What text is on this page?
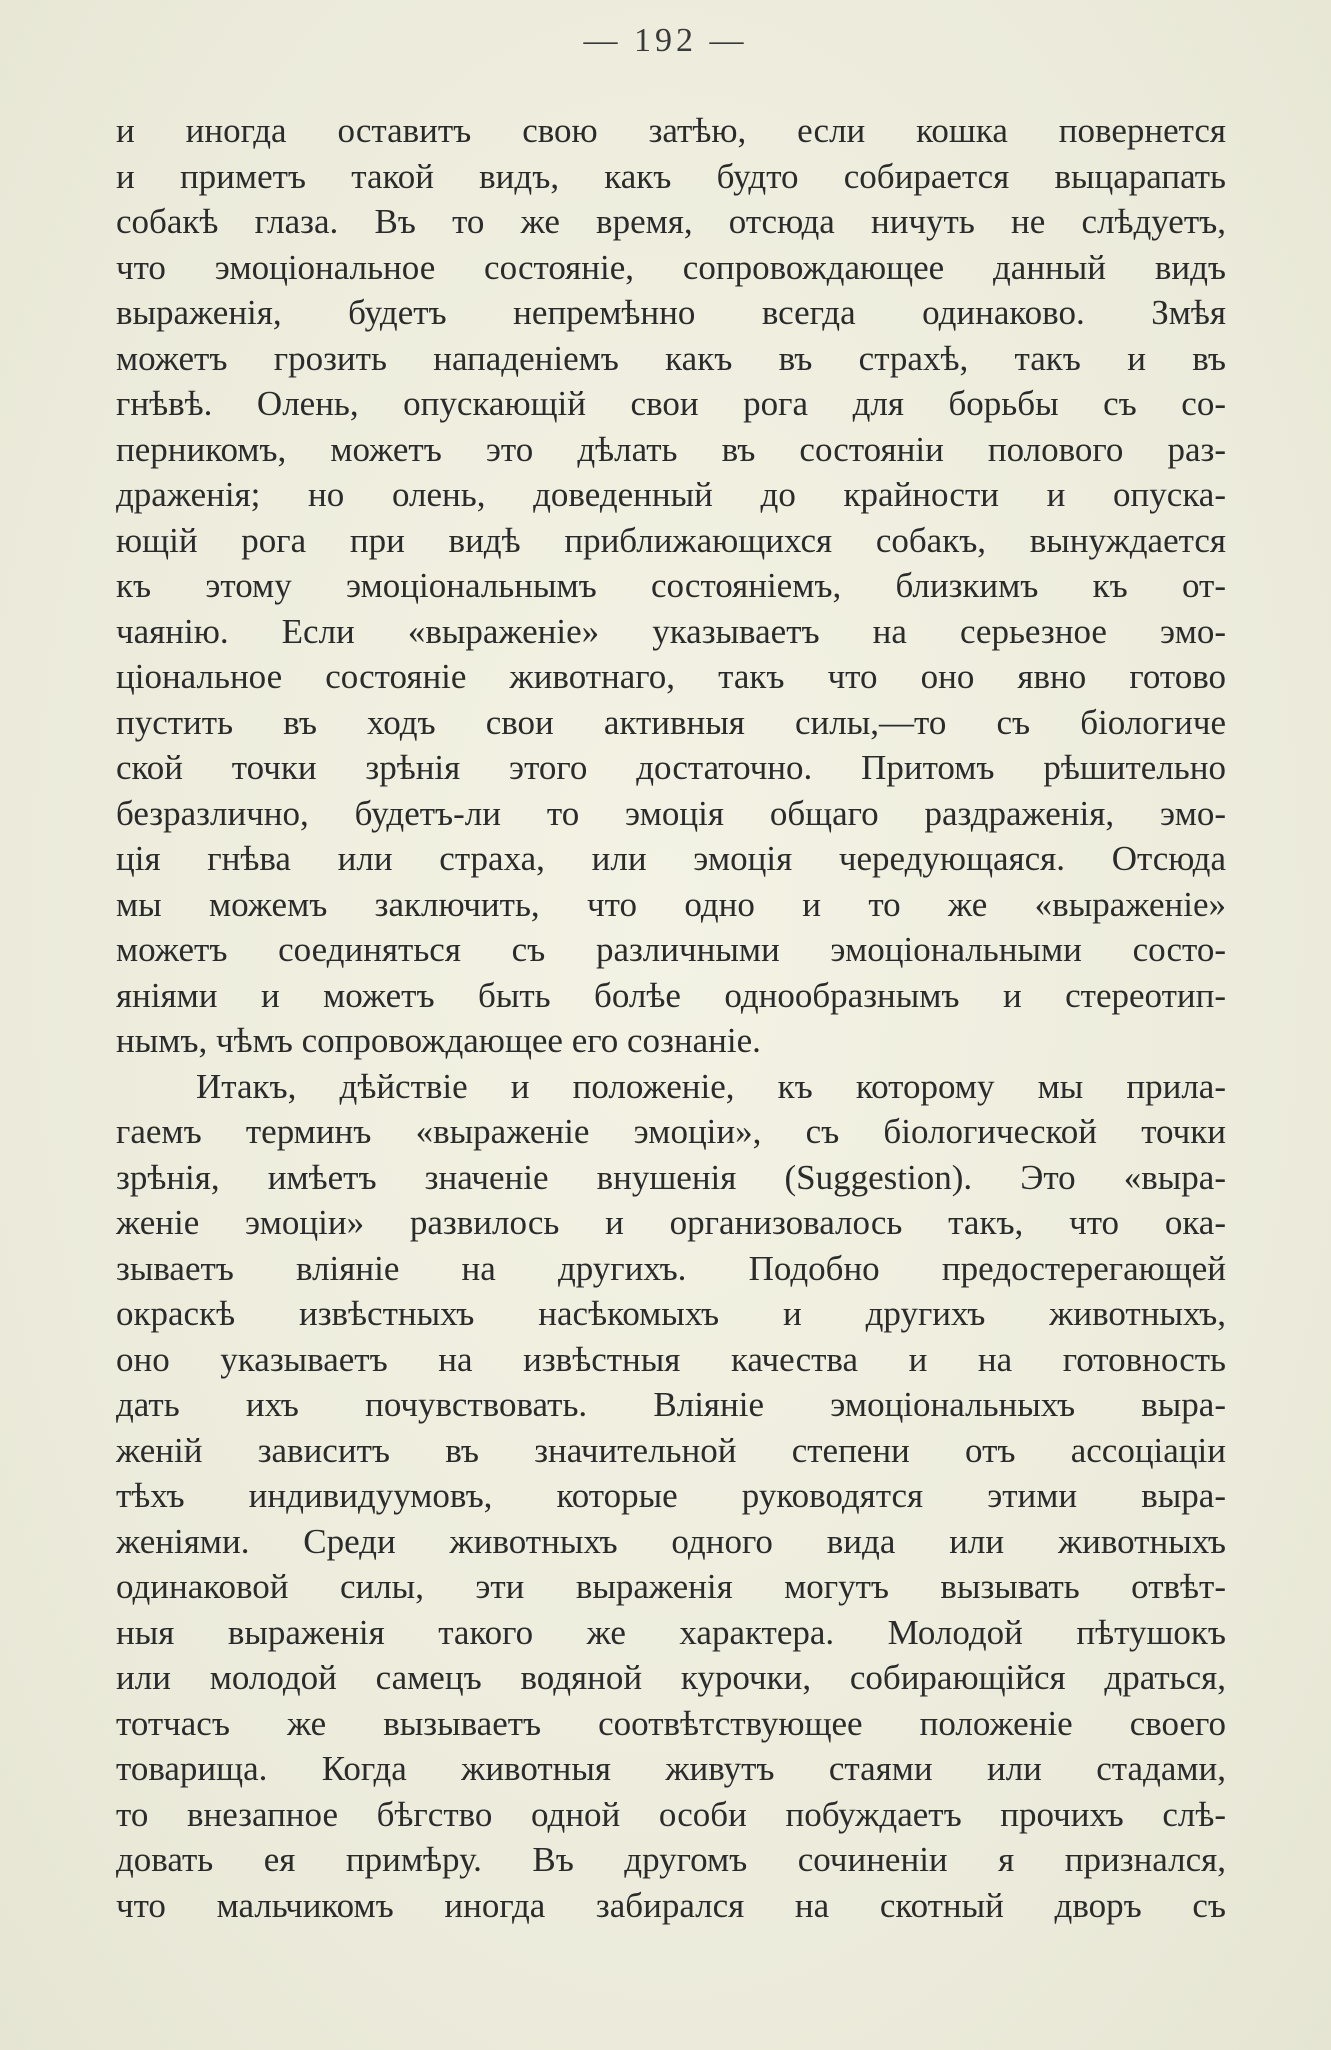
— 192 —
и иногда оставитъ свою затѣю, если кошка повернется
и приметъ такой видъ, какъ будто собирается выцарапать
собакѣ глаза. Въ то же время, отсюда ничуть не слѣдуетъ,
что эмоціональное состояніе, сопровождающее данный видъ
выраженія, будетъ непремѣнно всегда одинаково. Змѣя
можетъ грозить нападеніемъ какъ въ страхѣ, такъ и въ
гнѣвѣ. Олень, опускающій свои рога для борьбы съ со-
перникомъ, можетъ это дѣлать въ состояніи полового раз-
драженія; но олень, доведенный до крайности и опуска-
ющій рога при видѣ приближающихся собакъ, вынуждается
къ этому эмоціональнымъ состояніемъ, близкимъ къ от-
чаянію. Если «выраженіе» указываетъ на серьезное эмо-
ціональное состояніе животнаго, такъ что оно явно готово
пустить въ ходъ свои активныя силы,—то съ біологиче
ской точки зрѣнія этого достаточно. Притомъ рѣшительно
безразлично, будетъ-ли то эмоція общаго раздраженія, эмо-
ція гнѣва или страха, или эмоція чередующаяся. Отсюда
мы можемъ заключить, что одно и то же «выраженіе»
можетъ соединяться съ различными эмоціональными состо-
яніями и можетъ быть болѣе однообразнымъ и стереотип-
нымъ, чѣмъ сопровождающее его сознаніе.
Итакъ, дѣйствіе и положеніе, къ которому мы прила-
гаемъ терминъ «выраженіе эмоціи», съ біологической точки
зрѣнія, имѣетъ значеніе внушенія (Suggestion). Это «выра-
женіе эмоціи» развилось и организовалось такъ, что ока-
зываетъ вліяніе на другихъ. Подобно предостерегающей
окраскѣ извѣстныхъ насѣкомыхъ и другихъ животныхъ,
оно указываетъ на извѣстныя качества и на готовность
дать ихъ почувствовать. Вліяніе эмоціональныхъ выра-
женій зависитъ въ значительной степени отъ ассоціаціи
тѣхъ индивидуумовъ, которые руководятся этими выра-
женіями. Среди животныхъ одного вида или животныхъ
одинаковой силы, эти выраженія могутъ вызывать отвѣт-
ныя выраженія такого же характера. Молодой пѣтушокъ
или молодой самецъ водяной курочки, собирающійся драться,
тотчасъ же вызываетъ соотвѣтствующее положеніе своего
товарища. Когда животныя живутъ стаями или стадами,
то внезапное бѣгство одной особи побуждаетъ прочихъ слѣ-
довать ея примѣру. Въ другомъ сочиненіи я признался,
что мальчикомъ иногда забирался на скотный дворъ съ
